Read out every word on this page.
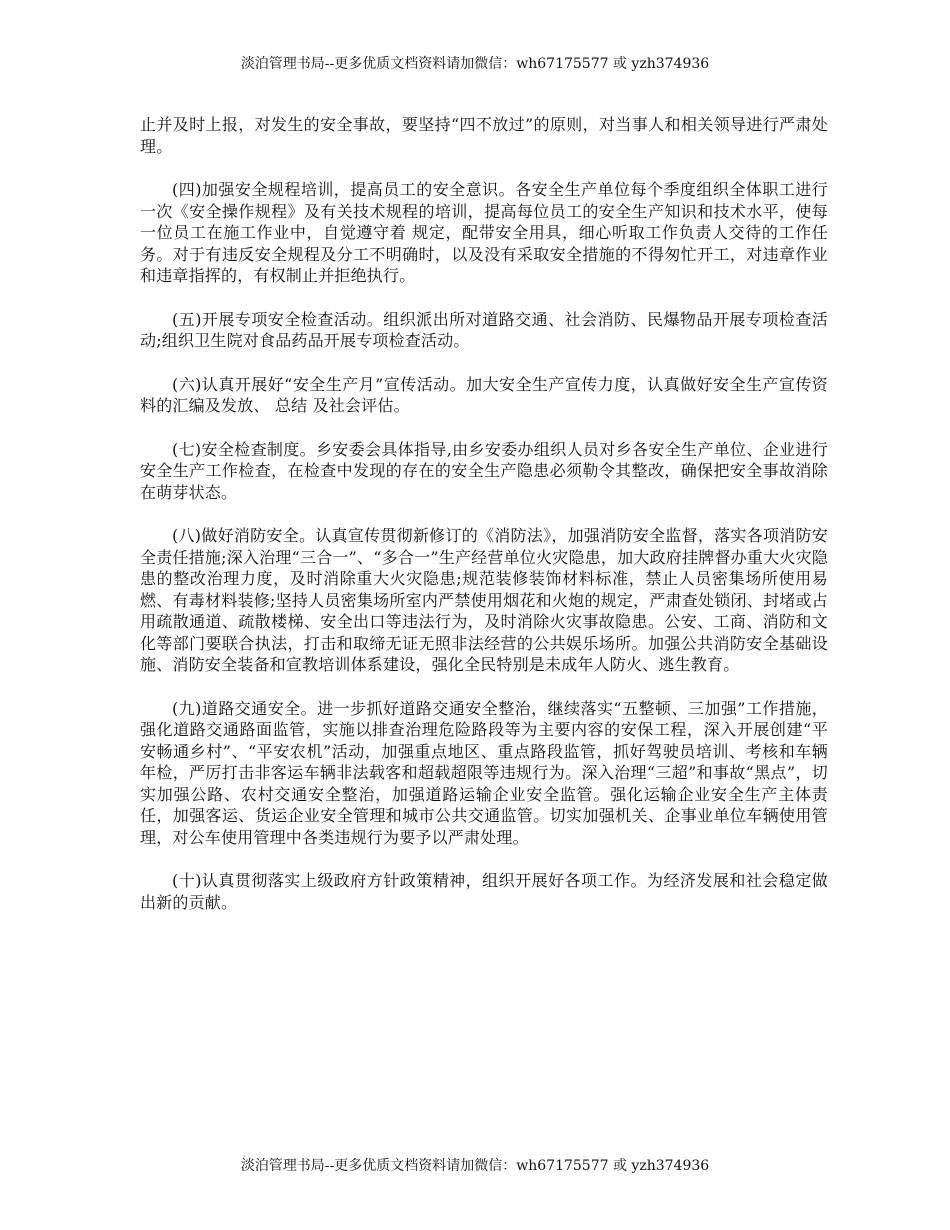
淡泊管理书局--更多优质文档资料请加微信：wh67175577 或 yzh374936

止并及时上报，对发生的安全事故，要坚持“四不放过”的原则，对当事人和相关领导进行严肃处理。

(四)加强安全规程培训，提高员工的安全意识。各安全生产单位每个季度组织全体职工进行一次《安全操作规程》及有关技术规程的培训，提高每位员工的安全生产知识和技术水平，使每一位员工在施工作业中，自觉遵守着 规定，配带安全用具，细心听取工作负责人交待的工作任务。对于有违反安全规程及分工不明确时，以及没有采取安全措施的不得匆忙开工，对违章作业和违章指挥的，有权制止并拒绝执行。

(五)开展专项安全检查活动。组织派出所对道路交通、社会消防、民爆物品开展专项检查活动;组织卫生院对食品药品开展专项检查活动。

(六)认真开展好“安全生产月”宣传活动。加大安全生产宣传力度，认真做好安全生产宣传资料的汇编及发放、 总结 及社会评估。

(七)安全检查制度。乡安委会具体指导,由乡安委办组织人员对乡各安全生产单位、企业进行安全生产工作检查，在检查中发现的存在的安全生产隐患必须勒令其整改，确保把安全事故消除在萌芽状态。

(八)做好消防安全。认真宣传贯彻新修订的《消防法》，加强消防安全监督，落实各项消防安全责任措施;深入治理“三合一”、“多合一”生产经营单位火灾隐患，加大政府挂牌督办重大火灾隐患的整改治理力度，及时消除重大火灾隐患;规范装修装饰材料标准，禁止人员密集场所使用易燃、有毒材料装修;坚持人员密集场所室内严禁使用烟花和火炮的规定，严肃查处锁闭、封堵或占用疏散通道、疏散楼梯、安全出口等违法行为，及时消除火灾事故隐患。公安、工商、消防和文化等部门要联合执法，打击和取缔无证无照非法经营的公共娱乐场所。加强公共消防安全基础设施、消防安全装备和宣教培训体系建设，强化全民特别是未成年人防火、逃生教育。

(九)道路交通安全。进一步抓好道路交通安全整治，继续落实“五整顿、三加强”工作措施，强化道路交通路面监管，实施以排查治理危险路段等为主要内容的安保工程，深入开展创建“平安畅通乡村”、“平安农机”活动，加强重点地区、重点路段监管，抓好驾驶员培训、考核和车辆年检，严厉打击非客运车辆非法载客和超载超限等违规行为。深入治理“三超”和事故“黑点”，切实加强公路、农村交通安全整治，加强道路运输企业安全监管。强化运输企业安全生产主体责任，加强客运、货运企业安全管理和城市公共交通监管。切实加强机关、企事业单位车辆使用管理，对公车使用管理中各类违规行为要予以严肃处理。

(十)认真贯彻落实上级政府方针政策精神，组织开展好各项工作。为经济发展和社会稳定做出新的贡献。

淡泊管理书局--更多优质文档资料请加微信：wh67175577 或 yzh374936
